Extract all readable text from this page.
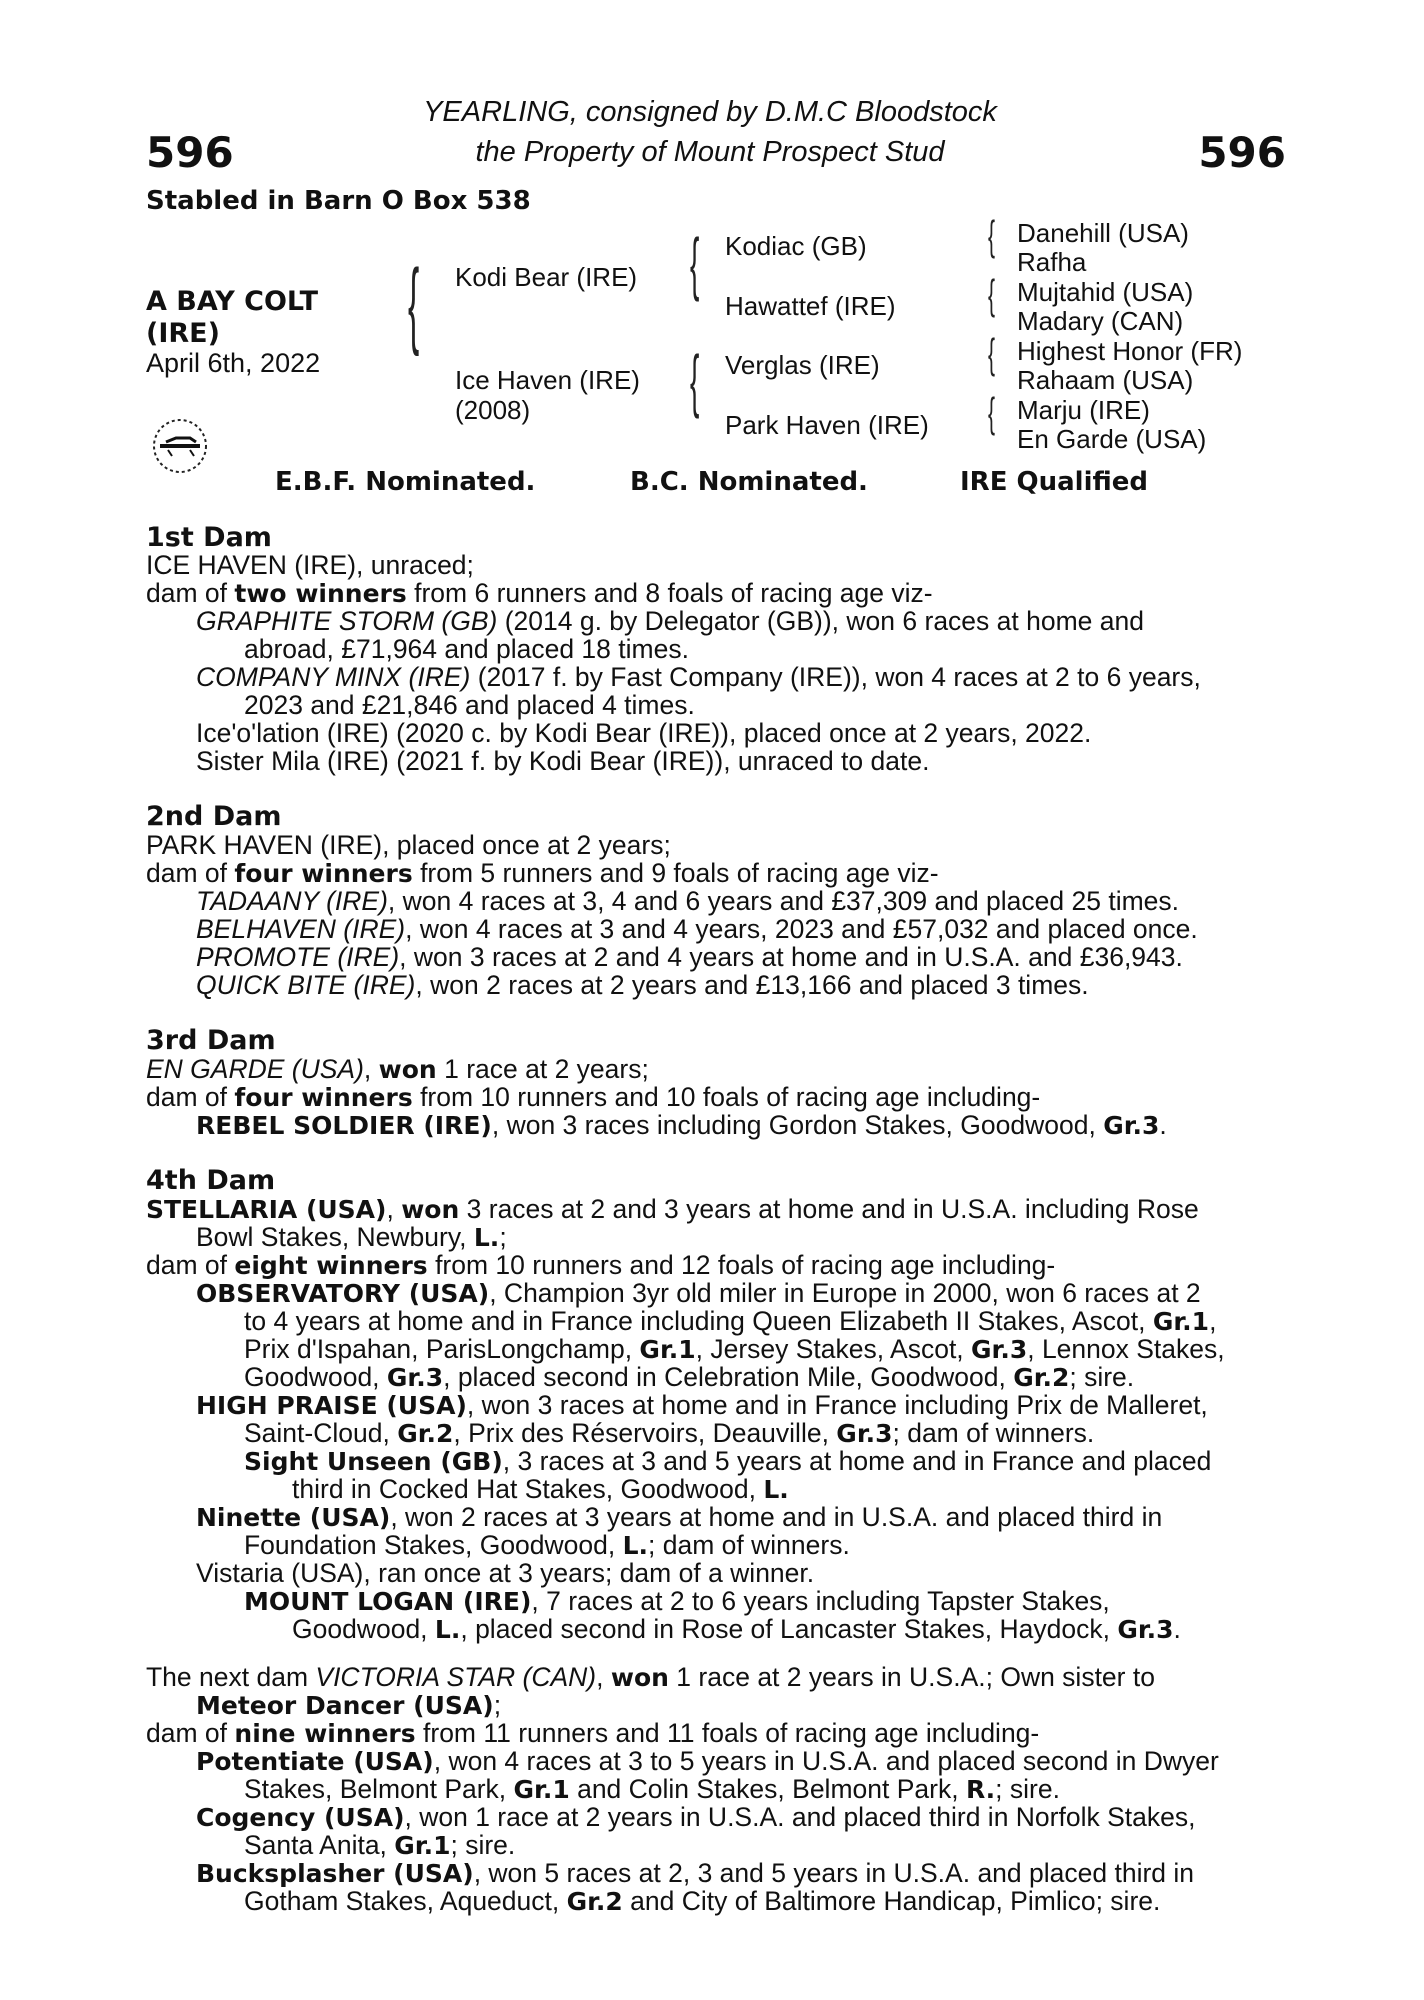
596	596
YEARLING, consigned by D.M.C Bloodstock
the Property of Mount Prospect Stud
Stabled in Barn O Box 538
A BAY COLT
(IRE)
April 6th, 2022
{ Kodi Bear (IRE)
Ice Haven (IRE)
(2008)
{ Kodiac (GB)
Hawattef (IRE)
{ Verglas (IRE)
Park Haven (IRE)
{ Danehill (USA)
Rafha
{ Mujtahid (USA)
Madary (CAN)
{ Highest Honor (FR)
Rahaam (USA)
{ Marju (IRE)
En Garde (USA)
E.B.F. Nominated.	B.C. Nominated.	IRE Qualified
1st Dam
ICE HAVEN (IRE), unraced;
dam of two winners from 6 runners and 8 foals of racing age viz-
GRAPHITE STORM (GB) (2014 g. by Delegator (GB)), won 6 races at home and
abroad, £71,964 and placed 18 times.
COMPANY MINX (IRE) (2017 f. by Fast Company (IRE)), won 4 races at 2 to 6 years,
2023 and £21,846 and placed 4 times.
Ice'o'lation (IRE) (2020 c. by Kodi Bear (IRE)), placed once at 2 years, 2022.
Sister Mila (IRE) (2021 f. by Kodi Bear (IRE)), unraced to date.
2nd Dam
PARK HAVEN (IRE), placed once at 2 years;
dam of four winners from 5 runners and 9 foals of racing age viz-
TADAANY (IRE), won 4 races at 3, 4 and 6 years and £37,309 and placed 25 times.
BELHAVEN (IRE), won 4 races at 3 and 4 years, 2023 and £57,032 and placed once.
PROMOTE (IRE), won 3 races at 2 and 4 years at home and in U.S.A. and £36,943.
QUICK BITE (IRE), won 2 races at 2 years and £13,166 and placed 3 times.
3rd Dam
EN GARDE (USA), won 1 race at 2 years;
dam of four winners from 10 runners and 10 foals of racing age including-
REBEL SOLDIER (IRE), won 3 races including Gordon Stakes, Goodwood, Gr.3.
4th Dam
STELLARIA (USA), won 3 races at 2 and 3 years at home and in U.S.A. including Rose
Bowl Stakes, Newbury, L.;
dam of eight winners from 10 runners and 12 foals of racing age including-
OBSERVATORY (USA), Champion 3yr old miler in Europe in 2000, won 6 races at 2
to 4 years at home and in France including Queen Elizabeth II Stakes, Ascot, Gr.1,
Prix d'Ispahan, ParisLongchamp, Gr.1, Jersey Stakes, Ascot, Gr.3, Lennox Stakes,
Goodwood, Gr.3, placed second in Celebration Mile, Goodwood, Gr.2; sire.
HIGH PRAISE (USA), won 3 races at home and in France including Prix de Malleret,
Saint-Cloud, Gr.2, Prix des Réservoirs, Deauville, Gr.3; dam of winners.
Sight Unseen (GB), 3 races at 3 and 5 years at home and in France and placed
third in Cocked Hat Stakes, Goodwood, L.
Ninette (USA), won 2 races at 3 years at home and in U.S.A. and placed third in
Foundation Stakes, Goodwood, L.; dam of winners.
Vistaria (USA), ran once at 3 years; dam of a winner.
MOUNT LOGAN (IRE), 7 races at 2 to 6 years including Tapster Stakes,
Goodwood, L., placed second in Rose of Lancaster Stakes, Haydock, Gr.3.
The next dam VICTORIA STAR (CAN), won 1 race at 2 years in U.S.A.; Own sister to
Meteor Dancer (USA);
dam of nine winners from 11 runners and 11 foals of racing age including-
Potentiate (USA), won 4 races at 3 to 5 years in U.S.A. and placed second in Dwyer
Stakes, Belmont Park, Gr.1 and Colin Stakes, Belmont Park, R.; sire.
Cogency (USA), won 1 race at 2 years in U.S.A. and placed third in Norfolk Stakes,
Santa Anita, Gr.1; sire.
Bucksplasher (USA), won 5 races at 2, 3 and 5 years in U.S.A. and placed third in
Gotham Stakes, Aqueduct, Gr.2 and City of Baltimore Handicap, Pimlico; sire.
